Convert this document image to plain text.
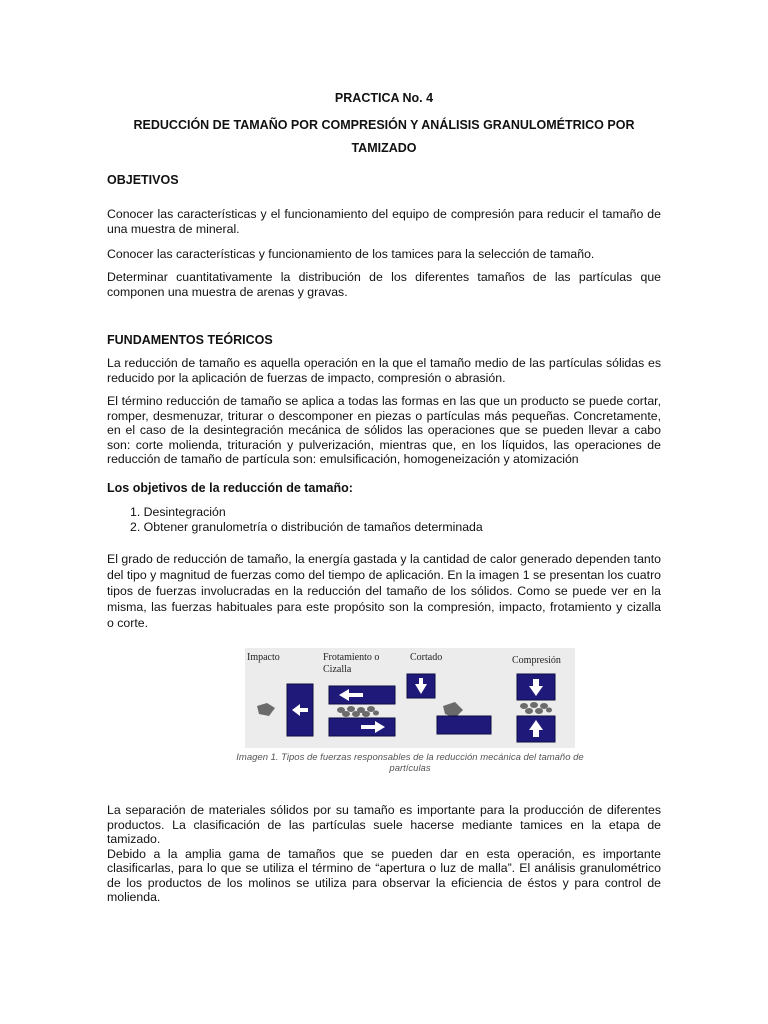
PRACTICA No. 4
REDUCCIÓN DE TAMAÑO POR COMPRESIÓN Y ANÁLISIS GRANULOMÉTRICO POR
TAMIZADO
OBJETIVOS
Conocer las características y el funcionamiento del equipo de compresión para reducir el tamaño de
una muestra de mineral.
Conocer las características y funcionamiento de los tamices para la selección de tamaño.
Determinar cuantitativamente la distribución de los diferentes tamaños de las partículas que
componen una muestra de arenas y gravas.
FUNDAMENTOS TEÓRICOS
La reducción de tamaño es aquella operación en la que el tamaño medio de las partículas sólidas es
reducido por la aplicación de fuerzas de impacto, compresión o abrasión.
El término reducción de tamaño se aplica a todas las formas en las que un producto se puede cortar,
romper, desmenuzar, triturar o descomponer en piezas o partículas más pequeñas. Concretamente,
en el caso de la desintegración mecánica de sólidos las operaciones que se pueden llevar a cabo
son: corte molienda, trituración y pulverización, mientras que, en los líquidos, las operaciones de
reducción de tamaño de partícula son: emulsificación, homogeneización y atomización
Los objetivos de la reducción de tamaño:
1. Desintegración
2. Obtener granulometría o distribución de tamaños determinada
El grado de reducción de tamaño, la energía gastada y la cantidad de calor generado dependen tanto
del tipo y magnitud de fuerzas como del tiempo de aplicación. En la imagen 1 se presentan los cuatro
tipos de fuerzas involucradas en la reducción del tamaño de los sólidos. Como se puede ver en la
misma, las fuerzas habituales para este propósito son la compresión, impacto, frotamiento y cizalla
o corte.
Impacto	Frotamiento o
Cizalla
Cortado	Compresión
Imagen 1. Tipos de fuerzas responsables de la reducción mecánica del tamaño de
partículas
La separación de materiales sólidos por su tamaño es importante para la producción de diferentes
productos. La clasificación de las partículas suele hacerse mediante tamices en la etapa de tamizado.
Debido a la amplia gama de tamaños que se pueden dar en esta operación, es importante
clasificarlas, para lo que se utiliza el término de “apertura o luz de malla”. El análisis granulométrico
de los productos de los molinos se utiliza para observar la eficiencia de éstos y para control de
molienda.
